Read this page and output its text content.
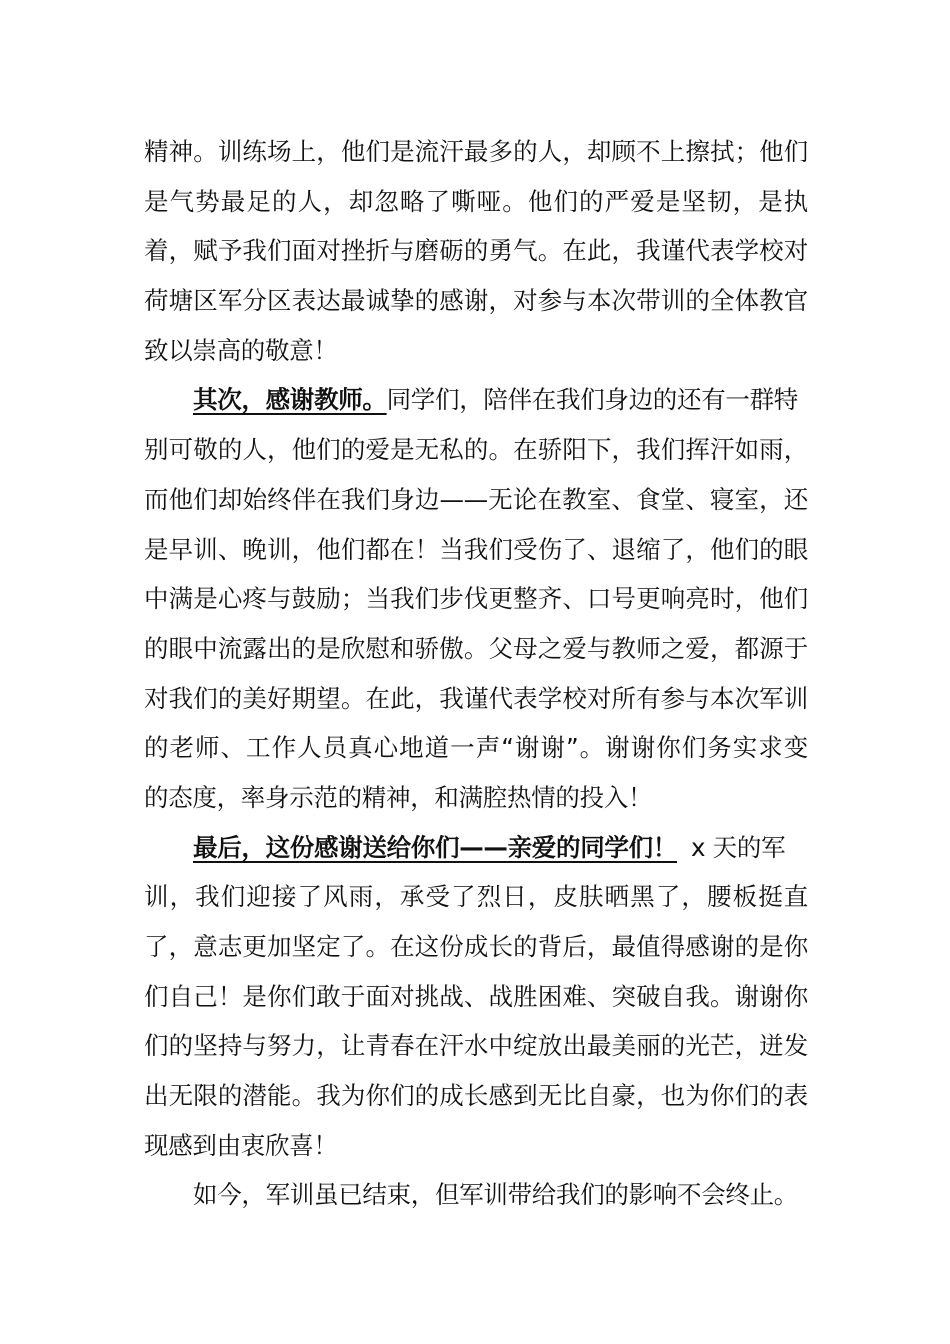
精神。训练场上，他们是流汗最多的人，却顾不上擦拭；他们
是气势最足的人，却忽略了嘶哑。他们的严爱是坚韧，是执
着，赋予我们面对挫折与磨砺的勇气。在此，我谨代表学校对
荷塘区军分区表达最诚挚的感谢，对参与本次带训的全体教官
致以崇高的敬意！
其次，感谢教师。同学们，陪伴在我们身边的还有一群特
别可敬的人，他们的爱是无私的。在骄阳下，我们挥汗如雨，
而他们却始终伴在我们身边——无论在教室、食堂、寝室，还
是早训、晚训，他们都在！当我们受伤了、退缩了，他们的眼
中满是心疼与鼓励；当我们步伐更整齐、口号更响亮时，他们
的眼中流露出的是欣慰和骄傲。父母之爱与教师之爱，都源于
对我们的美好期望。在此，我谨代表学校对所有参与本次军训
的老师、工作人员真心地道一声“谢谢”。谢谢你们务实求变
的态度，率身示范的精神，和满腔热情的投入！
最后，这份感谢送给你们——亲爱的同学们！ x 天的军
训，我们迎接了风雨，承受了烈日，皮肤晒黑了，腰板挺直
了，意志更加坚定了。在这份成长的背后，最值得感谢的是你
们自己！是你们敢于面对挑战、战胜困难、突破自我。谢谢你
们的坚持与努力，让青春在汗水中绽放出最美丽的光芒，迸发
出无限的潜能。我为你们的成长感到无比自豪，也为你们的表
现感到由衷欣喜！
如今，军训虽已结束，但军训带给我们的影响不会终止。
